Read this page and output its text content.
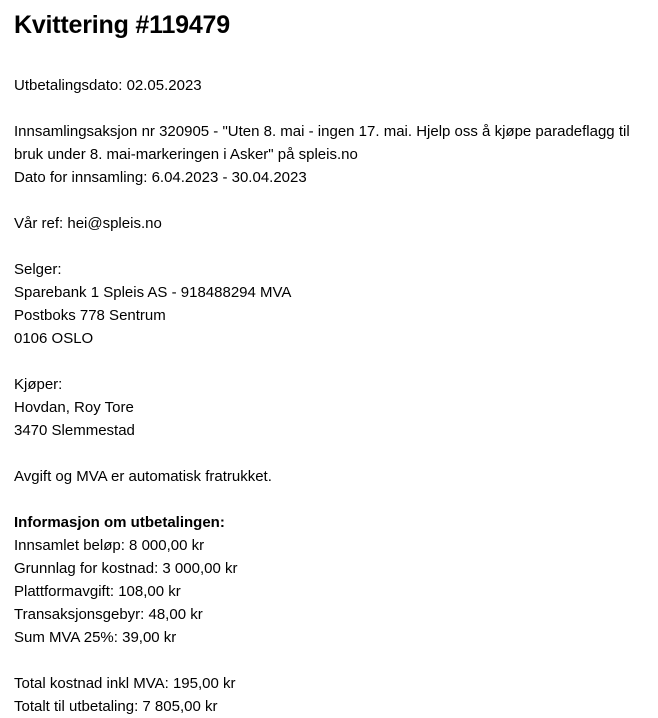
Kvittering #119479
Utbetalingsdato: 02.05.2023
Innsamlingsaksjon nr 320905 - "Uten 8. mai - ingen 17. mai. Hjelp oss å kjøpe paradeflagg til bruk under 8. mai-markeringen i Asker" på spleis.no
Dato for innsamling: 6.04.2023 - 30.04.2023
Vår ref: hei@spleis.no
Selger:
Sparebank 1 Spleis AS - 918488294 MVA
Postboks 778 Sentrum
0106 OSLO
Kjøper:
Hovdan, Roy Tore
3470 Slemmestad
Avgift og MVA er automatisk fratrukket.
Informasjon om utbetalingen:
Innsamlet beløp: 8 000,00 kr
Grunnlag for kostnad: 3 000,00 kr
Plattformavgift: 108,00 kr
Transaksjonsgebyr: 48,00 kr
Sum MVA 25%: 39,00 kr
Total kostnad inkl MVA: 195,00 kr
Totalt til utbetaling: 7 805,00 kr
